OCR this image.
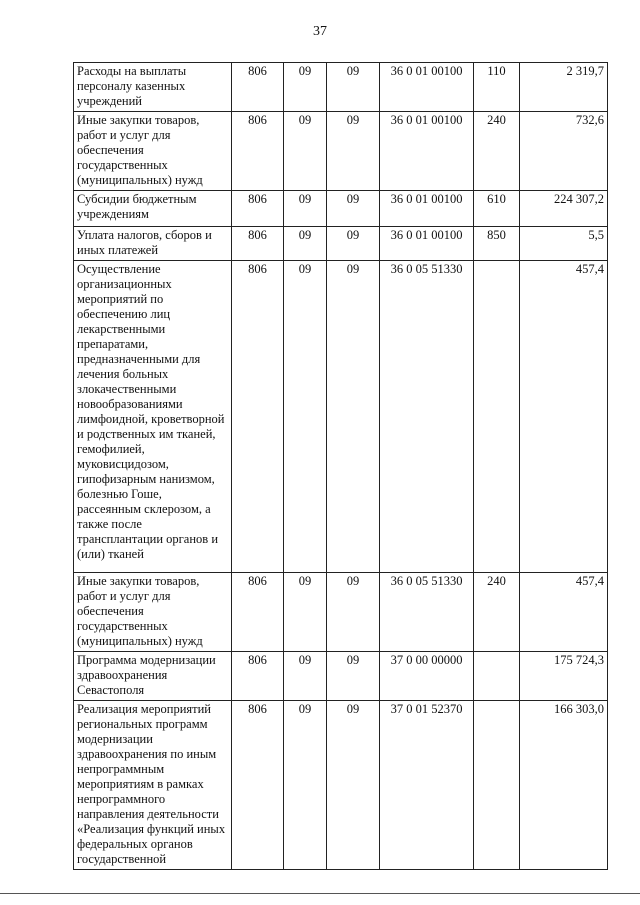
37
Расходы на выплаты персоналу казенных учреждений	806	09	09	36 0 01 00100	110	2 319,7
Иные закупки товаров, работ и услуг для обеспечения государственных (муниципальных) нужд	806	09	09	36 0 01 00100	240	732,6
Субсидии бюджетным учреждениям	806	09	09	36 0 01 00100	610	224 307,2
Уплата налогов, сборов и иных платежей	806	09	09	36 0 01 00100	850	5,5
Осуществление организационных мероприятий по обеспечению лиц лекарственными препаратами, предназначенными для лечения больных злокачественными новообразованиями лимфоидной, кроветворной и родственных им тканей, гемофилией, муковисцидозом, гипофизарным нанизмом, болезнью Гоше, рассеянным склерозом, а также после трансплантации органов и (или) тканей	806	09	09	36 0 05 51330		457,4
Иные закупки товаров, работ и услуг для обеспечения государственных (муниципальных) нужд	806	09	09	36 0 05 51330	240	457,4
Программа модернизации здравоохранения Севастополя	806	09	09	37 0 00 00000		175 724,3
Реализация мероприятий региональных программ модернизации здравоохранения по иным непрограммным мероприятиям в рамках непрограммного направления деятельности «Реализация функций иных федеральных органов государственной	806	09	09	37 0 01 52370		166 303,0
